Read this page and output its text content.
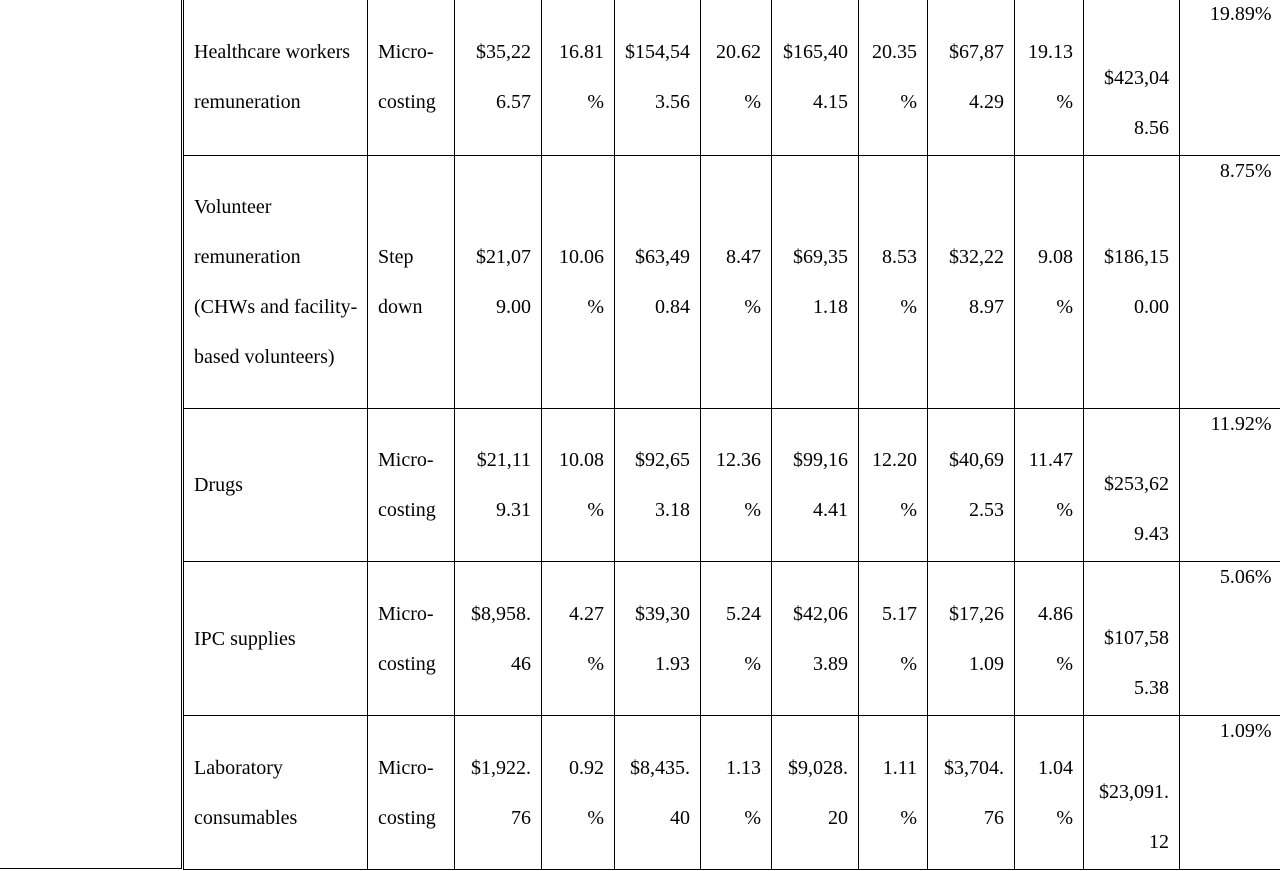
Healthcare workers remuneration	Micro-costing	$35,226.57	16.81 %	$154,543.56	20.62 %	$165,404.15	20.35 %	$67,874.29	19.13 %	$423,048.56	19.89%
Volunteer remuneration (CHWs and facility-based volunteers)	Step down	$21,079.00	10.06 %	$63,490.84	8.47 %	$69,351.18	8.53 %	$32,228.97	9.08 %	$186,150.00	8.75%
Drugs	Micro-costing	$21,119.31	10.08 %	$92,653.18	12.36 %	$99,164.41	12.20 %	$40,692.53	11.47 %	$253,629.43	11.92%
IPC supplies	Micro-costing	$8,958.46	4.27 %	$39,301.93	5.24 %	$42,063.89	5.17 %	$17,261.09	4.86 %	$107,585.38	5.06%
Laboratory consumables	Micro-costing	$1,922.76	0.92 %	$8,435.40	1.13 %	$9,028.20	1.11 %	$3,704.76	1.04 %	$23,091.12	1.09%
